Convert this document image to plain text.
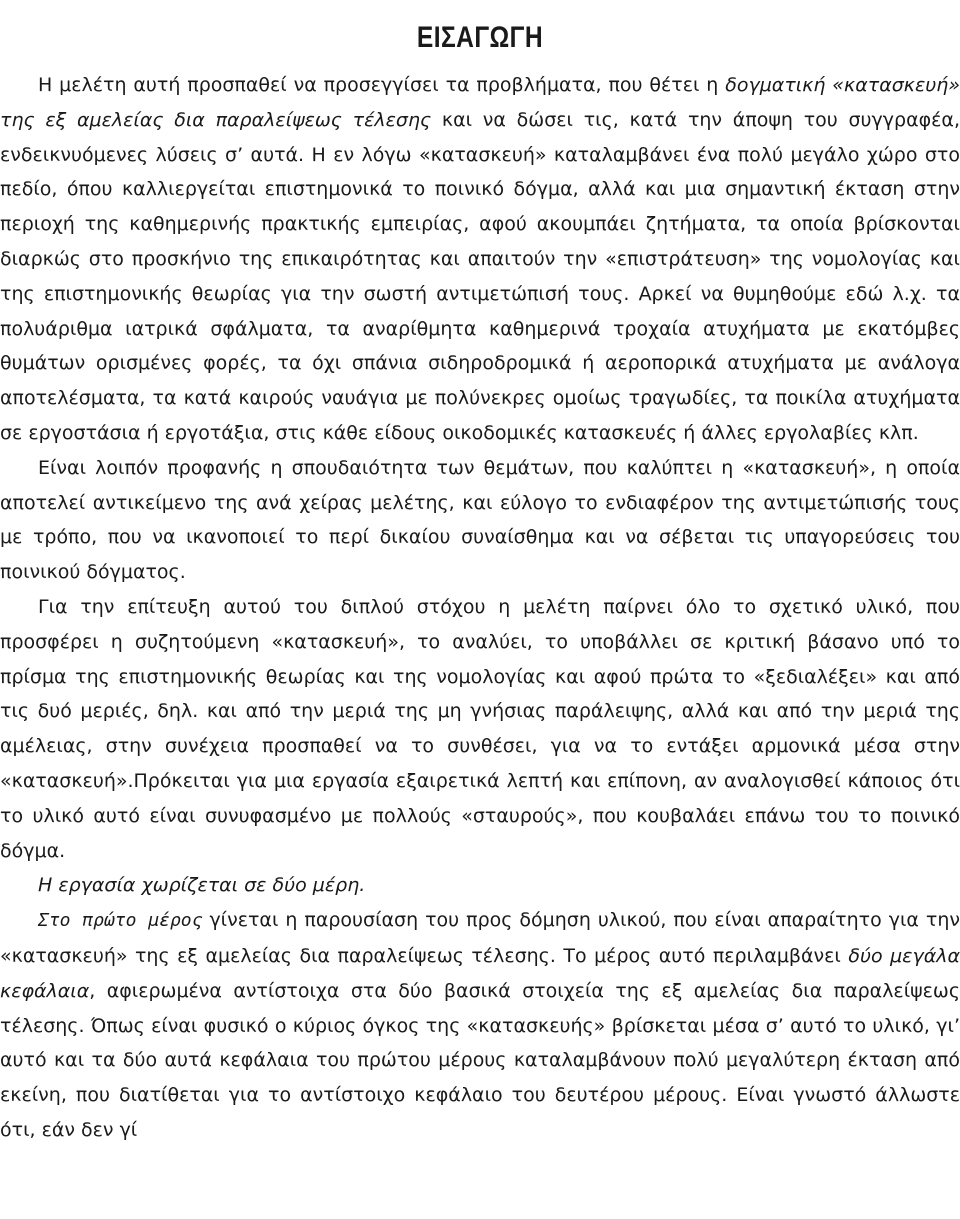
ΕΙΣΑΓΩΓΗ

Η μελέτη αυτή προσπαθεί να προσεγγίσει τα προβλήματα, που θέτει η δογματική «κατασκευή» της εξ αμελείας δια παραλείψεως τέλεσης και να δώσει τις, κατά την άποψη του συγγραφέα, ενδεικνυόμενες λύσεις σ’ αυτά. Η εν λόγω «κατασκευή» καταλαμβάνει ένα πολύ μεγάλο χώρο στο πεδίο, όπου καλλιεργείται επιστημονικά το ποινικό δόγμα, αλλά και μια σημαντική έκταση στην περιοχή της καθημερινής πρακτικής εμπειρίας, αφού ακουμπάει ζητήματα, τα οποία βρίσκονται διαρκώς στο προσκήνιο της επικαιρότητας και απαιτούν την «επιστράτευση» της νομολογίας και της επιστημονικής θεωρίας για την σωστή αντιμετώπισή τους. Αρκεί να θυμηθούμε εδώ λ.χ. τα πολυάριθμα ιατρικά σφάλματα, τα αναρίθμητα καθημερινά τροχαία ατυχήματα με εκατόμβες θυμάτων ορισμένες φορές, τα όχι σπάνια σιδηροδρομικά ή αεροπορικά ατυχήματα με ανάλογα αποτελέσματα, τα κατά καιρούς ναυάγια με πολύνεκρες ομοίως τραγωδίες, τα ποικίλα ατυχήματα σε εργοστάσια ή εργοτάξια, στις κάθε είδους οικοδομικές κατασκευές ή άλλες εργολαβίες κλπ.

Είναι λοιπόν προφανής η σπουδαιότητα των θεμάτων, που καλύπτει η «κατασκευή», η οποία αποτελεί αντικείμενο της ανά χείρας μελέτης, και εύλογο το ενδιαφέρον της αντιμετώπισής τους με τρόπο, που να ικανοποιεί το περί δικαίου συναίσθημα και να σέβεται τις υπαγορεύσεις του ποινικού δόγματος.

Για την επίτευξη αυτού του διπλού στόχου η μελέτη παίρνει όλο το σχετικό υλικό, που προσφέρει η συζητούμενη «κατασκευή», το αναλύει, το υποβάλλει σε κριτική βάσανο υπό το πρίσμα της επιστημονικής θεωρίας και της νομολογίας και αφού πρώτα το «ξεδιαλέξει» και από τις δυό μεριές, δηλ. και από την μεριά της μη γνήσιας παράλειψης, αλλά και από την μεριά της αμέλειας, στην συνέχεια προσπαθεί να το συνθέσει, για να το εντάξει αρμονικά μέσα στην «κατασκευή».Πρόκειται για μια εργασία εξαιρετικά λεπτή και επίπονη, αν αναλογισθεί κάποιος ότι το υλικό αυτό είναι συνυφασμένο με πολλούς «σταυρούς», που κουβαλάει επάνω του το ποινικό δόγμα.

Η εργασία χωρίζεται σε δύο μέρη.

Στο πρώτο μέρος γίνεται η παρουσίαση του προς δόμηση υλικού, που είναι απαραίτητο για την «κατασκευή» της εξ αμελείας δια παραλείψεως τέλεσης. Το μέρος αυτό περιλαμβάνει δύο μεγάλα κεφάλαια, αφιερωμένα αντίστοιχα στα δύο βασικά στοιχεία της εξ αμελείας δια παραλείψεως τέλεσης. Όπως είναι φυσικό ο κύριος όγκος της «κατασκευής» βρίσκεται μέσα σ’ αυτό το υλικό, γι’ αυτό και τα δύο αυτά κεφάλαια του πρώτου μέρους καταλαμβάνουν πολύ μεγαλύτερη έκταση από εκείνη, που διατίθεται για το αντίστοιχο κεφάλαιο του δευτέρου μέρους. Είναι γνωστό άλλωστε ότι, εάν δεν γί
